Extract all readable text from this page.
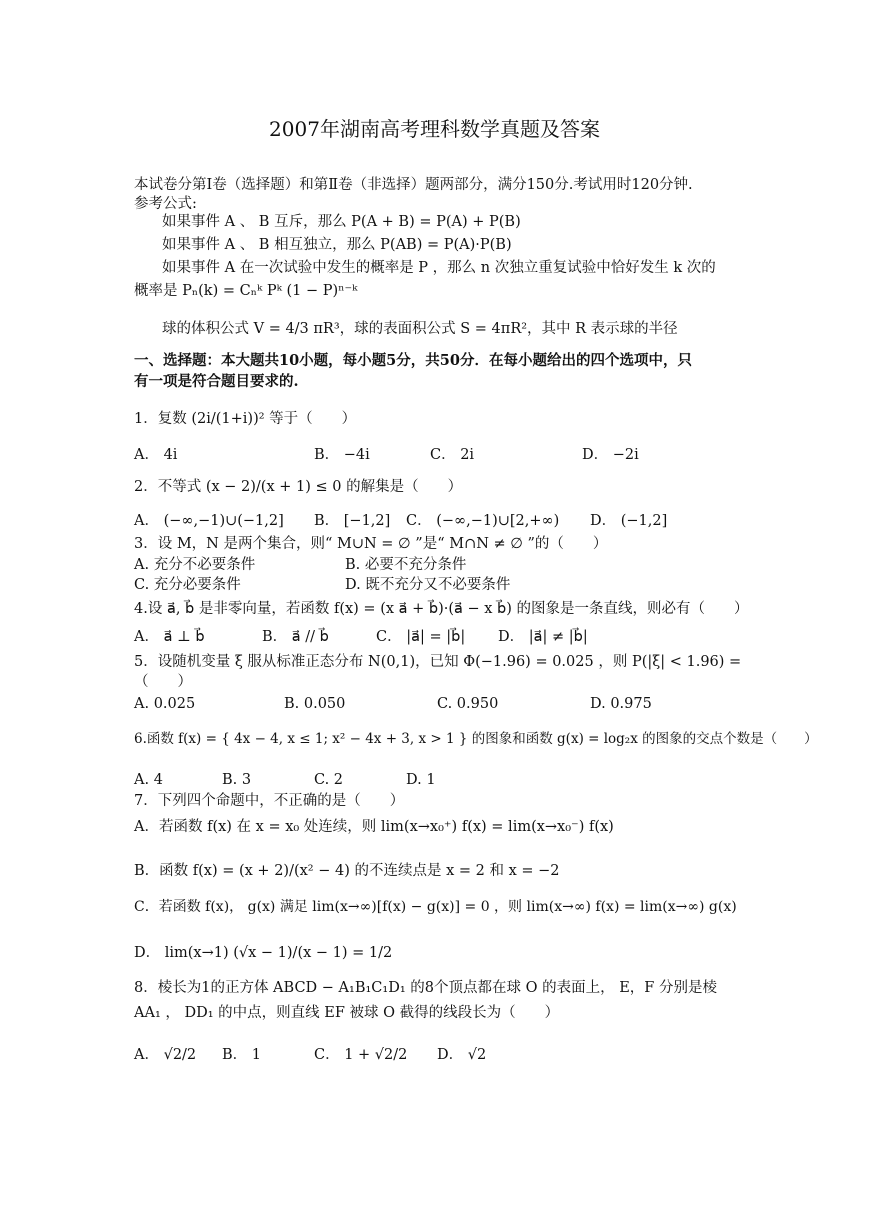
2007年湖南高考理科数学真题及答案
本试卷分第Ⅰ卷（选择题）和第Ⅱ卷（非选择）题两部分，满分150分.考试用时120分钟.
参考公式:
如果事件 A 、 B 互斥，那么 P(A + B) = P(A) + P(B)
如果事件 A 、 B 相互独立，那么 P(AB) = P(A)·P(B)
如果事件 A 在一次试验中发生的概率是 P ，那么 n 次独立重复试验中恰好发生 k 次的
概率是 Pₙ(k) = Cₙᵏ Pᵏ (1 − P)ⁿ⁻ᵏ
球的体积公式 V = 4/3 πR³，球的表面积公式 S = 4πR²，其中 R 表示球的半径
一、选择题：本大题共10小题，每小题5分，共50分．在每小题给出的四个选项中，只
有一项是符合题目要求的.
1．复数 (2i/(1+i))² 等于（　　）
A． 4i	B． −4i	C． 2i	D． −2i
2．不等式 (x − 2)/(x + 1) ≤ 0 的解集是（　　）
A． (−∞,−1)∪(−1,2] B． [−1,2] C． (−∞,−1)∪[2,+∞) D． (−1,2]
3．设 M，N 是两个集合，则“ M∪N = ∅ ”是“ M∩N ≠ ∅ ”的（　　）
A. 充分不必要条件	B. 必要不充分条件
C. 充分必要条件	D. 既不充分又不必要条件
4.设 a⃗, b⃗ 是非零向量，若函数 f(x) = (x a⃗ + b⃗)·(a⃗ − x b⃗) 的图象是一条直线，则必有（　　）
A． a⃗ ⊥ b⃗	B． a⃗ // b⃗	C． |a⃗| = |b⃗| D． |a⃗| ≠ |b⃗|
5．设随机变量 ξ 服从标准正态分布 N(0,1)，已知 Φ(−1.96) = 0.025 ，则 P(|ξ| < 1.96) =
（　　）
A. 0.025	B. 0.050	C. 0.950	D. 0.975
6.函数 f(x) = { 4x − 4, x ≤ 1; x² − 4x + 3, x > 1 } 的图象和函数 g(x) = log₂x 的图象的交点个数是（　　）
A. 4	B. 3	C. 2	D. 1
7．下列四个命题中，不正确的是（　　）
A．若函数 f(x) 在 x = x₀ 处连续，则 lim(x→x₀⁺) f(x) = lim(x→x₀⁻) f(x)
B．函数 f(x) = (x + 2)/(x² − 4) 的不连续点是 x = 2 和 x = −2
C．若函数 f(x)， g(x) 满足 lim(x→∞)[f(x) − g(x)] = 0 ，则 lim(x→∞) f(x) = lim(x→∞) g(x)
D． lim(x→1) (√x − 1)/(x − 1) = 1/2
8．棱长为1的正方体 ABCD − A₁B₁C₁D₁ 的8个顶点都在球 O 的表面上， E，F 分别是棱
AA₁ ， DD₁ 的中点，则直线 EF 被球 O 截得的线段长为（　　）
A． √2/2 B． 1	C． 1 + √2/2 D． √2
